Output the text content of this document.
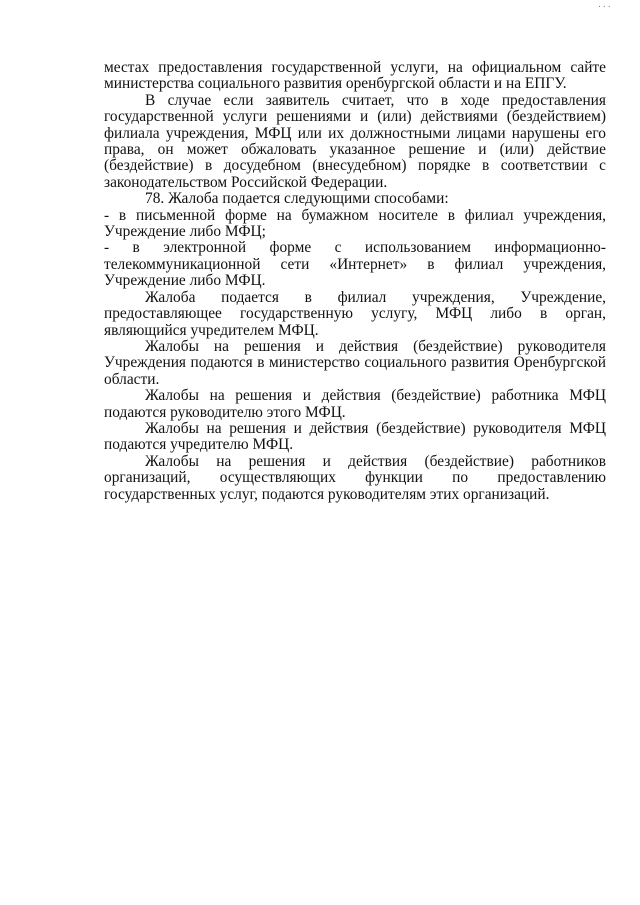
...

местах предоставления государственной услуги, на официальном сайте министерства социального развития оренбургской области и на ЕПГУ.

В случае если заявитель считает, что в ходе предоставления государственной услуги решениями и (или) действиями (бездействием) филиала учреждения, МФЦ или их должностными лицами нарушены его права, он может обжаловать указанное решение и (или) действие (бездействие) в досудебном (внесудебном) порядке в соответствии с законодательством Российской Федерации.

78. Жалоба подается следующими способами:

- в письменной форме на бумажном носителе в филиал учреждения, Учреждение либо МФЦ;

- в электронной форме с использованием информационно-телекоммуникационной сети «Интернет» в филиал учреждения, Учреждение либо МФЦ.

Жалоба подается в филиал учреждения, Учреждение, предоставляющее государственную услугу, МФЦ либо в орган, являющийся учредителем МФЦ.

Жалобы на решения и действия (бездействие) руководителя Учреждения подаются в министерство социального развития Оренбургской области.

Жалобы на решения и действия (бездействие) работника МФЦ подаются руководителю этого МФЦ.

Жалобы на решения и действия (бездействие) руководителя МФЦ подаются учредителю МФЦ.

Жалобы на решения и действия (бездействие) работников организаций, осуществляющих функции по предоставлению государственных услуг, подаются руководителям этих организаций.
